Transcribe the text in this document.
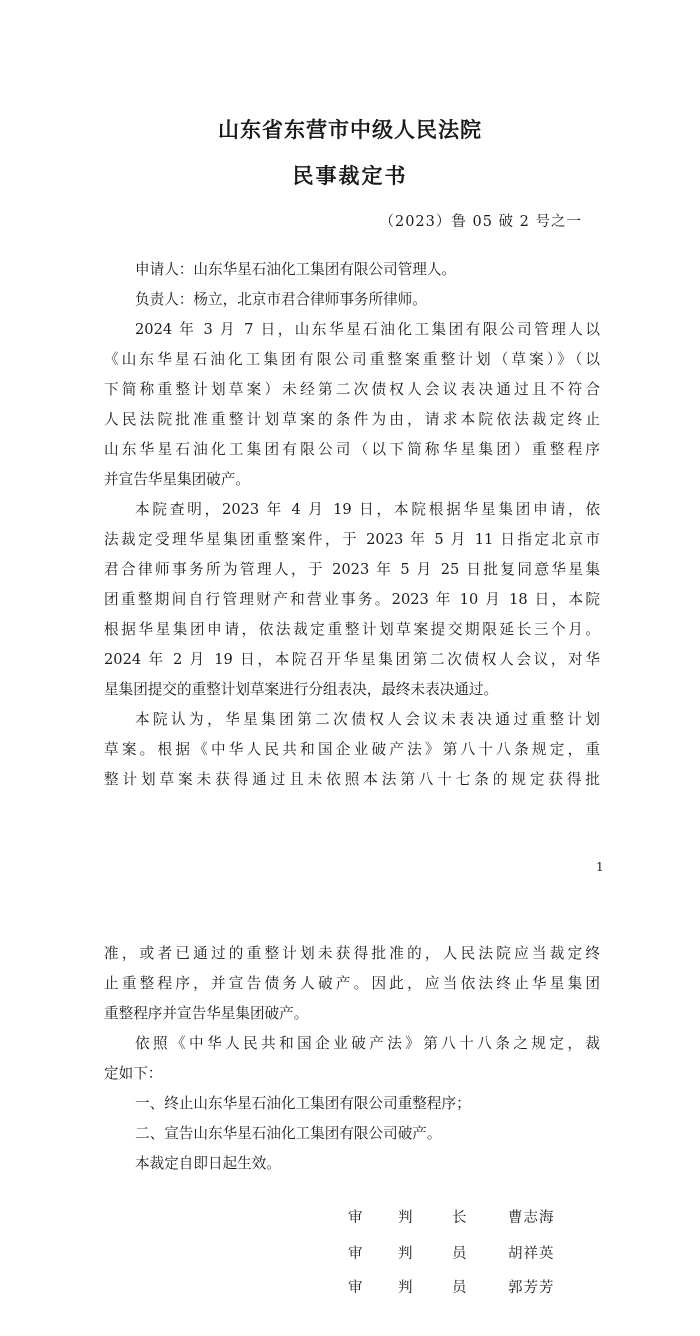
山东省东营市中级人民法院
民事裁定书
（2023）鲁 05 破 2 号之一
申请人：山东华星石油化工集团有限公司管理人。
负责人：杨立，北京市君合律师事务所律师。
2024 年 3 月 7 日，山东华星石油化工集团有限公司管理人以
《山东华星石油化工集团有限公司重整案重整计划（草案）》（以
下简称重整计划草案）未经第二次债权人会议表决通过且不符合
人民法院批准重整计划草案的条件为由，请求本院依法裁定终止
山东华星石油化工集团有限公司（以下简称华星集团）重整程序
并宣告华星集团破产。
本院查明，2023 年 4 月 19 日，本院根据华星集团申请，依
法裁定受理华星集团重整案件，于 2023 年 5 月 11 日指定北京市
君合律师事务所为管理人，于 2023 年 5 月 25 日批复同意华星集
团重整期间自行管理财产和营业事务。2023 年 10 月 18 日，本院
根据华星集团申请，依法裁定重整计划草案提交期限延长三个月。
2024 年 2 月 19 日，本院召开华星集团第二次债权人会议，对华
星集团提交的重整计划草案进行分组表决，最终未表决通过。
本院认为，华星集团第二次债权人会议未表决通过重整计划
草案。根据《中华人民共和国企业破产法》第八十八条规定，重
整计划草案未获得通过且未依照本法第八十七条的规定获得批
1
准，或者已通过的重整计划未获得批准的，人民法院应当裁定终
止重整程序，并宣告债务人破产。因此，应当依法终止华星集团
重整程序并宣告华星集团破产。
依照《中华人民共和国企业破产法》第八十八条之规定，裁
定如下：
一、终止山东华星石油化工集团有限公司重整程序；
二、宣告山东华星石油化工集团有限公司破产。
本裁定自即日起生效。
审 判	长	曹志海
审 判	员	胡祥英
审 判	员	郭芳芳
